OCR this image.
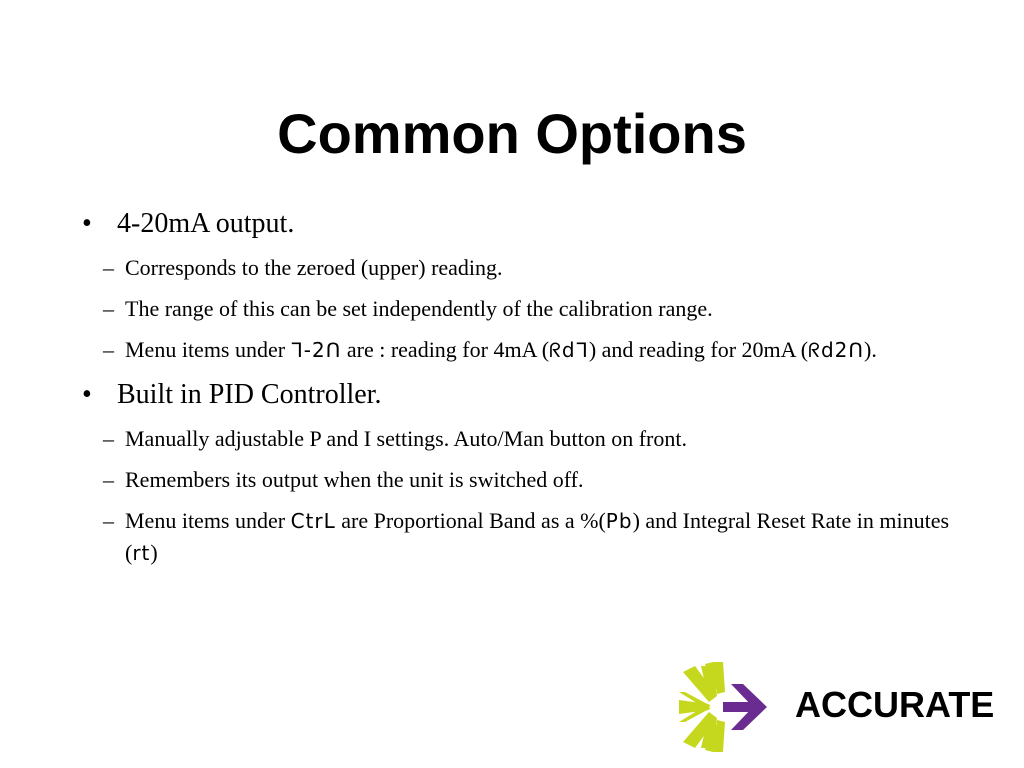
Common Options
• 4-20mA output.
– Corresponds to the zeroed (upper) reading.
– The range of this can be set independently of the calibration range.
– Menu items under ᒣ-2ᑎ are : reading for 4mA (ᖇdᒣ) and reading for 20mA (ᖇd2ᑎ).
• Built in PID Controller.
– Manually adjustable P and I settings. Auto/Man button on front.
– Remembers its output when the unit is switched off.
– Menu items under CtrL are Proportional Band as a %(Pb) and Integral Reset Rate in minutes (rt)
ACCURATE
